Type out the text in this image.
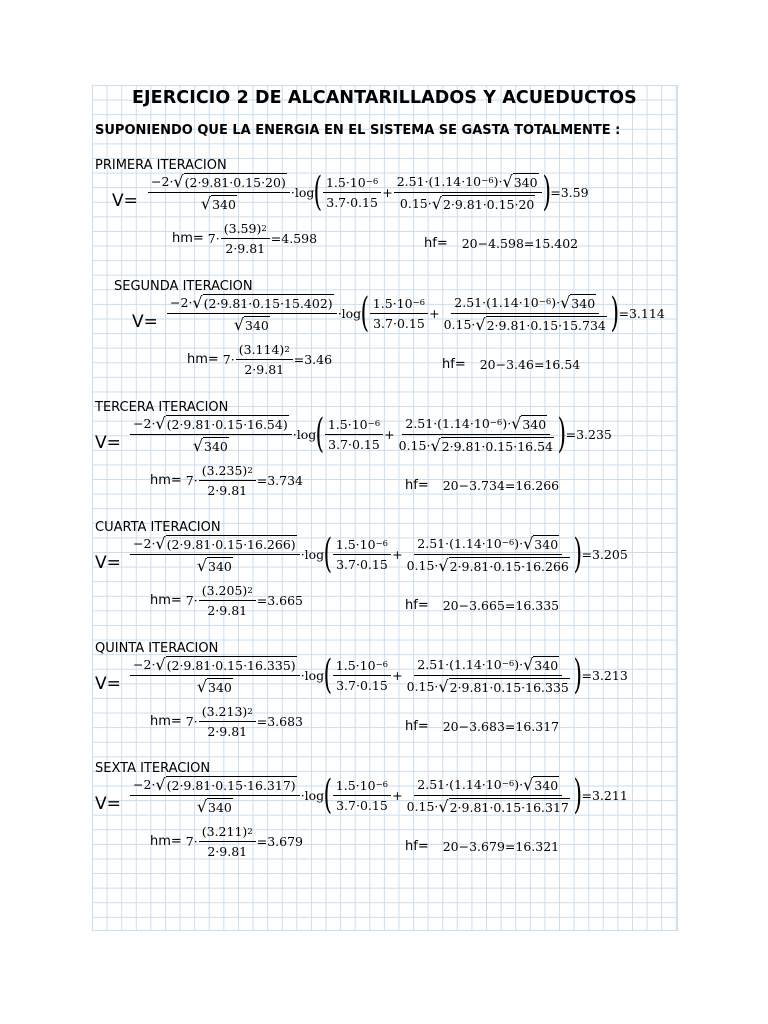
EJERCICIO 2 DE ALCANTARILLADOS Y ACUEDUCTOS
SUPONIENDO QUE LA ENERGIA EN EL SISTEMA SE GASTA TOTALMENTE :
PRIMERA ITERACION
$V= \frac{-2 \cdot √ (2\cdot 9.81\cdot 0.15\cdot 20 )}{√ 340} \cdot\log$ ( $\frac{1.5\cdot 10 -6}{3.7\cdot 0.15} + \frac{2.51\cdot(1.14\cdot 10 -6 )\cdot √ 340}{0.15\cdot √ 2\cdot 9.81\cdot 0.15\cdot 20}$ ) = 3.59
$hm= 7\cdot \frac{( 3.59 ) 2}{2\cdot 9.81} = 4.598$	hf= 20− 4.598 = 15.402
SEGUNDA ITERACION
$V= \frac{-2 \cdot √ (2\cdot 9.81\cdot 0.15\cdot 15.402 )}{√ 340} \cdot\log$ ( $\frac{1.5\cdot 10 -6}{3.7\cdot 0.15} + \frac{2.51\cdot(1.14\cdot 10 -6 )\cdot √ 340}{0.15\cdot √ 2\cdot 9.81\cdot 0.15\cdot 15.734}$ ) = 3.114
$hm= 7\cdot \frac{( 3.114 ) 2}{2\cdot 9.81} = 3.46$	hf= 20− 3.46 = 16.54
TERCERA ITERACION
$V= \frac{-2 \cdot √ (2\cdot 9.81\cdot 0.15\cdot 16.54 )}{√ 340} \cdot\log$ ( $\frac{1.5\cdot 10 -6}{3.7\cdot 0.15} + \frac{2.51\cdot(1.14\cdot 10 -6 )\cdot √ 340}{0.15\cdot √ 2\cdot 9.81\cdot 0.15\cdot 16.54}$ ) = 3.235
$hm= 7\cdot \frac{( 3.235 ) 2}{2\cdot 9.81} = 3.734$	hf= 20− 3.734 = 16.266
CUARTA ITERACION
$V= \frac{-2 \cdot √ (2\cdot 9.81\cdot 0.15\cdot 16.266 )}{√ 340} \cdot\log$ ( $\frac{1.5\cdot 10 -6}{3.7\cdot 0.15} + \frac{2.51\cdot(1.14\cdot 10 -6 )\cdot √ 340}{0.15\cdot √ 2\cdot 9.81\cdot 0.15\cdot 16.266}$ ) = 3.205
$hm= 7\cdot \frac{( 3.205 ) 2}{2\cdot 9.81} = 3.665$	hf= 20− 3.665 = 16.335
QUINTA ITERACION
$V= \frac{-2 \cdot √ (2\cdot 9.81\cdot 0.15\cdot 16.335 )}{√ 340} \cdot\log$ ( $\frac{1.5\cdot 10 -6}{3.7\cdot 0.15} + \frac{2.51\cdot(1.14\cdot 10 -6 )\cdot √ 340}{0.15\cdot √ 2\cdot 9.81\cdot 0.15\cdot 16.335}$ ) = 3.213
$hm= 7\cdot \frac{( 3.213 ) 2}{2\cdot 9.81} = 3.683$	hf= 20− 3.683 = 16.317
SEXTA ITERACION
$V= \frac{-2 \cdot √ (2\cdot 9.81\cdot 0.15\cdot 16.317 )}{√ 340} \cdot\log$ ( $\frac{1.5\cdot 10 -6}{3.7\cdot 0.15} + \frac{2.51\cdot(1.14\cdot 10 -6 )\cdot √ 340}{0.15\cdot √ 2\cdot 9.81\cdot 0.15\cdot 16.317}$ ) = 3.211
$hm= 7\cdot \frac{( 3.211 ) 2}{2\cdot 9.81} = 3.679$	hf= 20− 3.679 = 16.321
